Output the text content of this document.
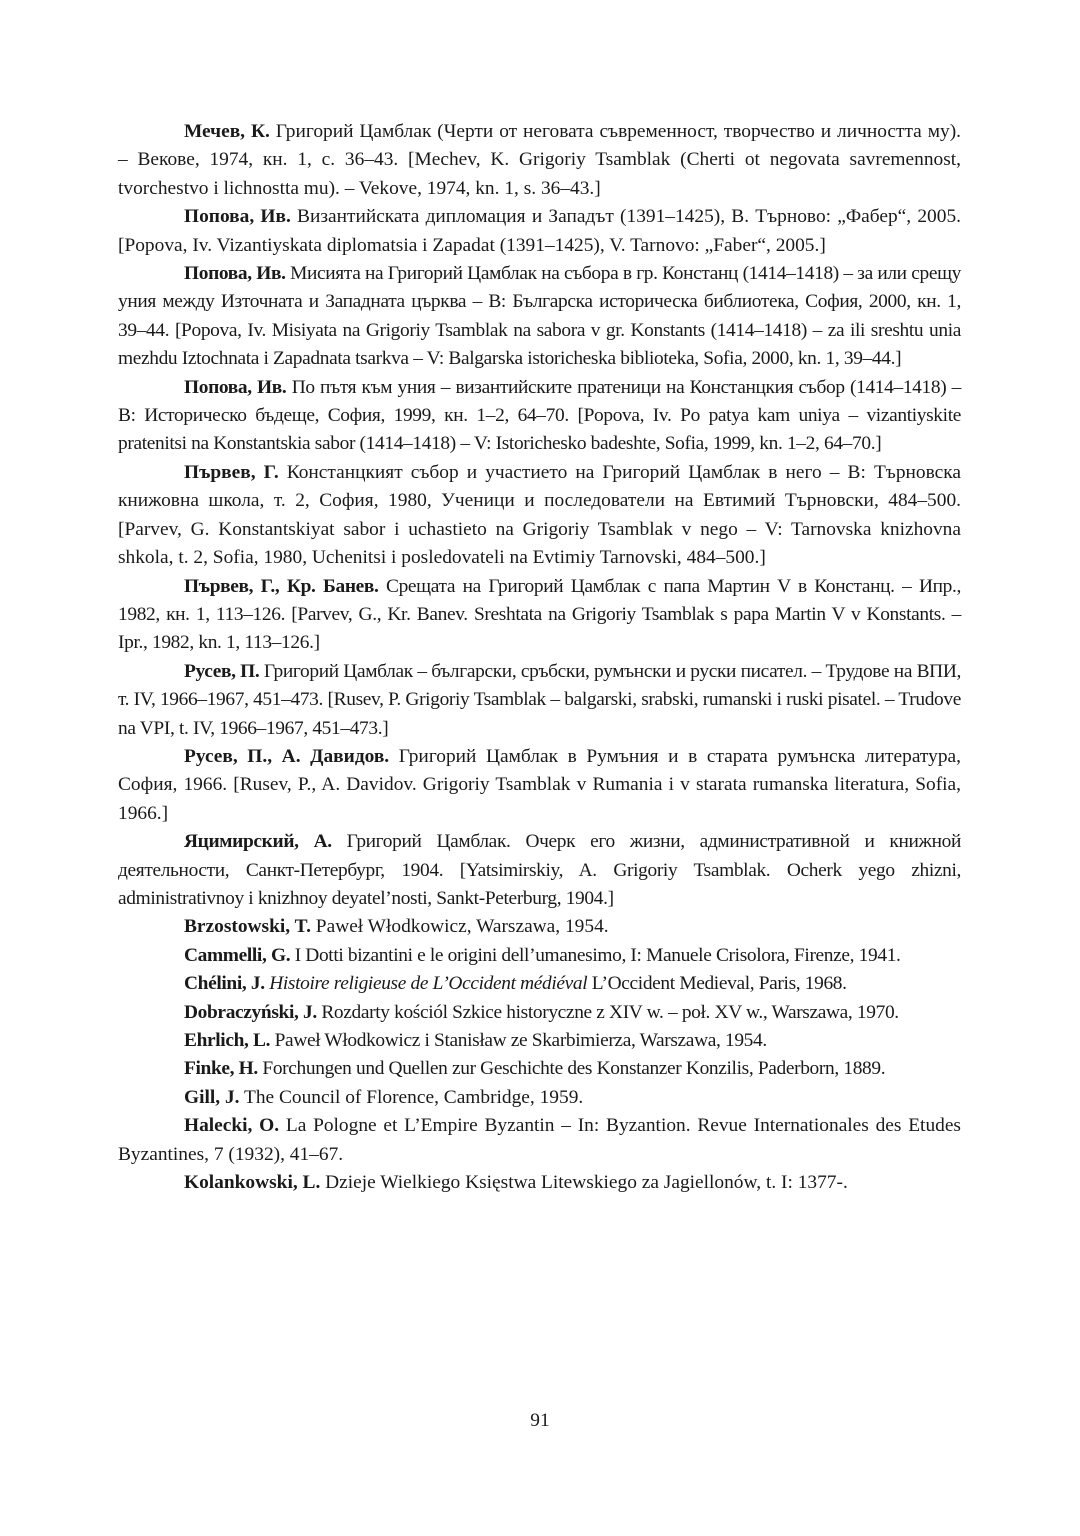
Мечев, К. Григорий Цамблак (Черти от неговата съвременност, творчество и личността му). – Векове, 1974, кн. 1, с. 36–43. [Mechev, K. Grigoriy Tsamblak (Cherti ot negovata savremennost, tvorchestvo i lichnostta mu). – Vekove, 1974, kn. 1, s. 36–43.]

Попова, Ив. Византийската дипломация и Западът (1391–1425), В. Търново: „Фабер“, 2005. [Popova, Iv. Vizantiyskata diplomatsia i Zapadat (1391–1425), V. Tarnovo: „Faber“, 2005.]

Попова, Ив. Мисията на Григорий Цамблак на събора в гр. Констанц (1414–1418) – за или срещу уния между Източната и Западната църква – В: Българска историческа библиотека, София, 2000, кн. 1, 39–44. [Popova, Iv. Misiyata na Grigoriy Tsamblak na sabora v gr. Konstants (1414–1418) – za ili sreshtu unia mezhdu Iztochnata i Zapadnata tsarkva – V: Balgarska istoricheska biblioteka, Sofia, 2000, kn. 1, 39–44.]

Попова, Ив. По пътя към уния – византийските пратеници на Констанцкия събор (1414–1418) – В: Историческо бъдеще, София, 1999, кн. 1–2, 64–70. [Popova, Iv. Po patya kam uniya – vizantiyskite pratenitsi na Konstantskia sabor (1414–1418) – V: Istorichesko badeshte, Sofia, 1999, kn. 1–2, 64–70.]

Първев, Г. Констанцкият събор и участието на Григорий Цамблак в него – В: Търновска книжовна школа, т. 2, София, 1980, Ученици и последователи на Евтимий Търновски, 484–500. [Parvev, G. Konstantskiyat sabor i uchastieto na Grigoriy Tsamblak v nego – V: Tarnovska knizhovna shkola, t. 2, Sofia, 1980, Uchenitsi i posledovateli na Evtimiy Tarnovski, 484–500.]

Първев, Г., Кр. Банев. Срещата на Григорий Цамблак с папа Мартин V в Констанц. – Ипр., 1982, кн. 1, 113–126. [Parvev, G., Kr. Banev. Sreshtata na Grigoriy Tsamblak s papa Martin V v Konstants. – Ipr., 1982, kn. 1, 113–126.]

Русев, П. Григорий Цамблак – български, сръбски, румънски и руски писател. – Трудове на ВПИ, т. IV, 1966–1967, 451–473. [Rusev, P. Grigoriy Tsamblak – balgarski, srabski, rumanski i ruski pisatel. – Trudove na VPI, t. IV, 1966–1967, 451–473.]

Русев, П., А. Давидов. Григорий Цамблак в Румъния и в старата румънска литература, София, 1966. [Rusev, P., A. Davidov. Grigoriy Tsamblak v Rumania i v starata rumanska literatura, Sofia, 1966.]

Яцимирский, А. Григорий Цамблак. Очерк его жизни, административной и книжной деятельности, Санкт-Петербург, 1904. [Yatsimirskiy, A. Grigoriy Tsamblak. Ocherk yego zhizni, administrativnoy i knizhnoy deyatel’nosti, Sankt-Peterburg, 1904.]

Brzostowski, T. Paweł Włodkowicz, Warszawa, 1954.

Cammelli, G. I Dotti bizantini e le origini dell’umanesimo, I: Manuele Crisolora, Firenze, 1941.

Chélini, J. Histoire religieuse de L’Occident médiéval L’Occident Medieval, Paris, 1968.

Dobraczyński, J. Rozdarty kościól Szkice historyczne z XIV w. – poł. XV w., Warszawa, 1970.

Ehrlich, L. Paweł Włodkowicz i Stanisław ze Skarbimierza, Warszawa, 1954.

Finke, H. Forchungen und Quellen zur Geschichte des Konstanzer Konzilis, Paderborn, 1889.

Gill, J. The Council of Florence, Cambridge, 1959.

Halecki, O. La Pologne et L’Empire Byzantin – In: Byzantion. Revue Internationales des Etudes Byzantines, 7 (1932), 41–67.

Kolankowski, L. Dzieje Wielkiego Księstwa Litewskiego za Jagiellonów, t. I: 1377-.

91
